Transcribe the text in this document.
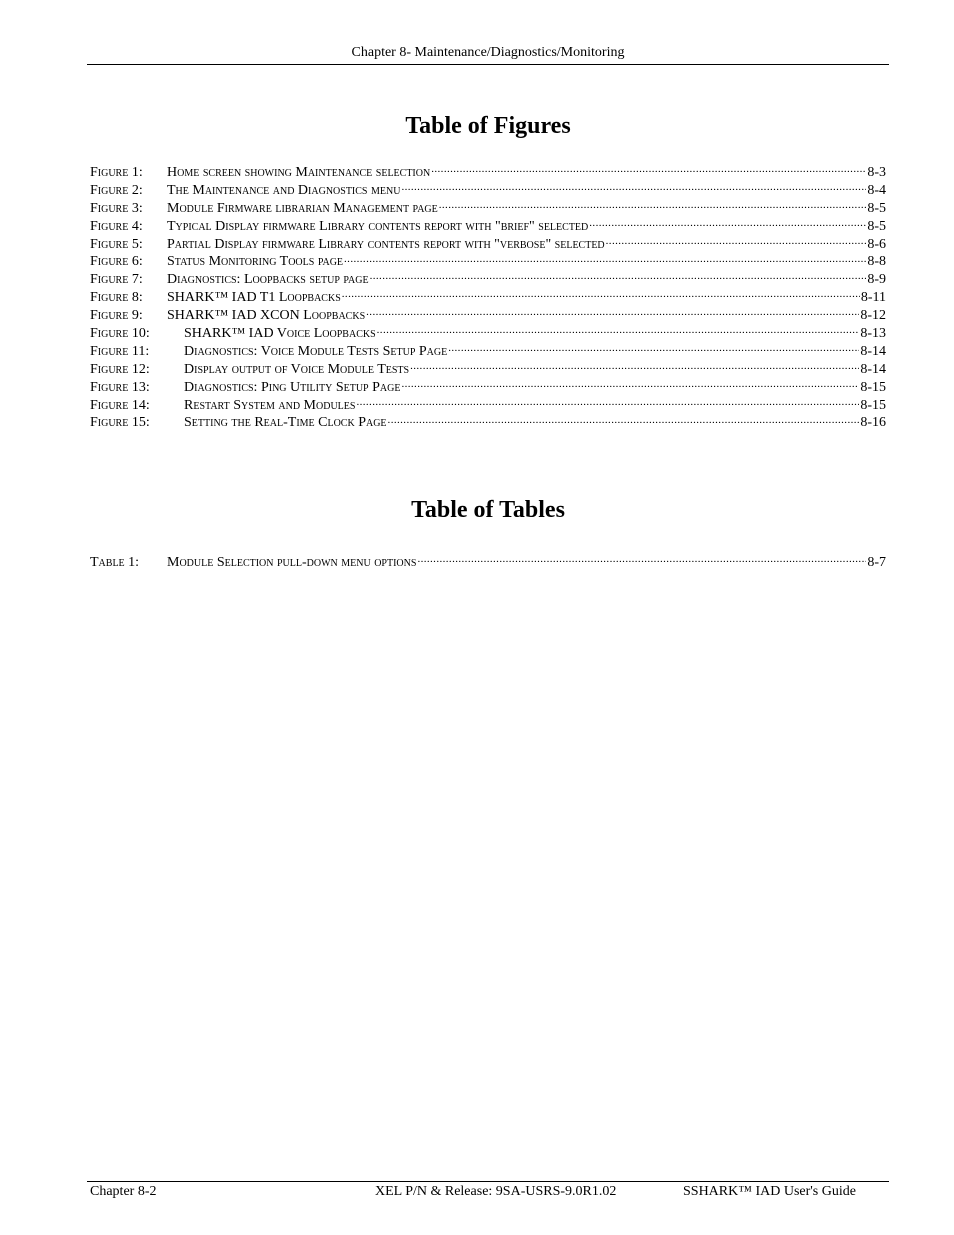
Chapter 8- Maintenance/Diagnostics/Monitoring
Table of Figures
Figure 1:	Home screen showing Maintenance selection .....	8-3
Figure 2:	The Maintenance and Diagnostics menu .....	8-4
Figure 3:	Module Firmware librarian Management page .....	8-5
Figure 4:	Typical Display firmware Library contents report with "brief" selected .....	8-5
Figure 5:	Partial Display firmware Library contents report with "verbose" selected .....	8-6
Figure 6:	Status Monitoring Tools page .....	8-8
Figure 7:	Diagnostics: Loopbacks setup page .....	8-9
Figure 8:	SHARK™ IAD T1 Loopbacks .....	8-11
Figure 9:	SHARK™ IAD XCON Loopbacks .....	8-12
Figure 10:	SHARK™ IAD Voice Loopbacks .....	8-13
Figure 11:	Diagnostics: Voice Module Tests Setup Page .....	8-14
Figure 12:	Display output of Voice Module Tests .....	8-14
Figure 13:	Diagnostics: Ping Utility Setup Page .....	8-15
Figure 14:	Restart System and Modules .....	8-15
Figure 15:	Setting the Real-Time Clock Page .....	8-16
Table of Tables
Table 1:	Module Selection pull-down menu options .....	8-7
Chapter 8-2	XEL P/N & Release: 9SA-USRS-9.0R1.02	SSHARK™ IAD User's Guide
